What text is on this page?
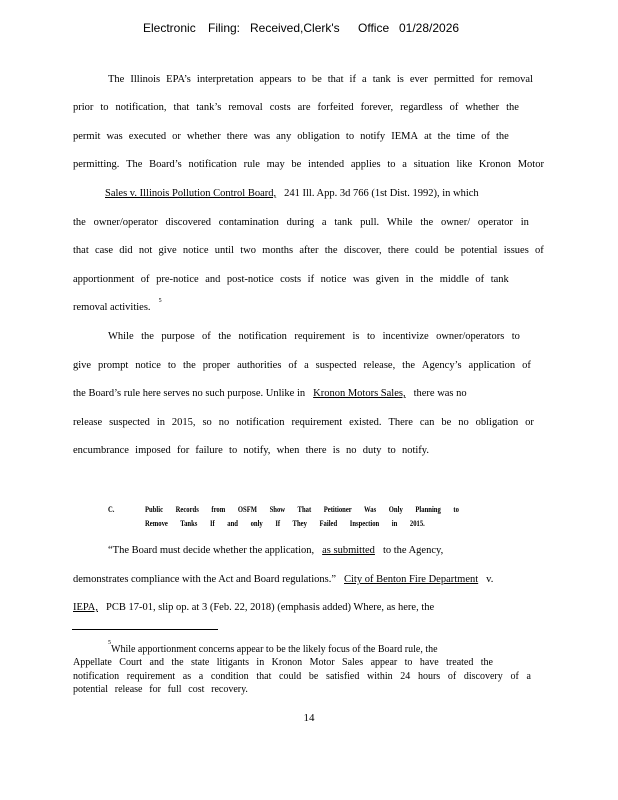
Electronic Filing: Received,Clerk's Office 01/28/2026
The Illinois EPA’s interpretation appears to be that if a tank is ever permitted for removal
prior to notification, that tank’s removal costs are forfeited forever, regardless of whether the
permit was executed or whether there was any obligation to notify IEMA at the time of the
permitting. The Board’s notification rule may be intended applies to a situation like Kronon Motor
Sales v. Illinois Pollution Control Board, 241 Ill. App. 3d 766 (1st Dist. 1992), in which
the owner/operator discovered contamination during a tank pull. While the owner/ operator in
that case did not give notice until two months after the discover, there could be potential issues of
apportionment of pre-notice and post-notice costs if notice was given in the middle of tank
removal activities.
5
While the purpose of the notification requirement is to incentivize owner/operators to
give prompt notice to the proper authorities of a suspected release, the Agency’s application of
the Board’s rule here serves no such purpose. Unlike in Kronon Motors Sales, there was no
release suspected in 2015, so no notification requirement existed. There can be no obligation or
encumbrance imposed for failure to notify, when there is no duty to notify.
C.	Public Records from OSFM Show That Petitioner Was Only Planning to
Remove Tanks If and only If They Failed Inspection in 2015.
“The Board must decide whether the application, as submitted to the Agency,
demonstrates compliance with the Act and Board regulations.” City of Benton Fire Department v.
IEPA, PCB 17-01, slip op. at 3 (Feb. 22, 2018) (emphasis added) Where, as here, the
5
While apportionment concerns appear to be the likely focus of the Board rule, the
Appellate Court and the state litigants in Kronon Motor Sales appear to have treated the
notification requirement as a condition that could be satisfied within 24 hours of discovery of a
potential release for full cost recovery.
14
